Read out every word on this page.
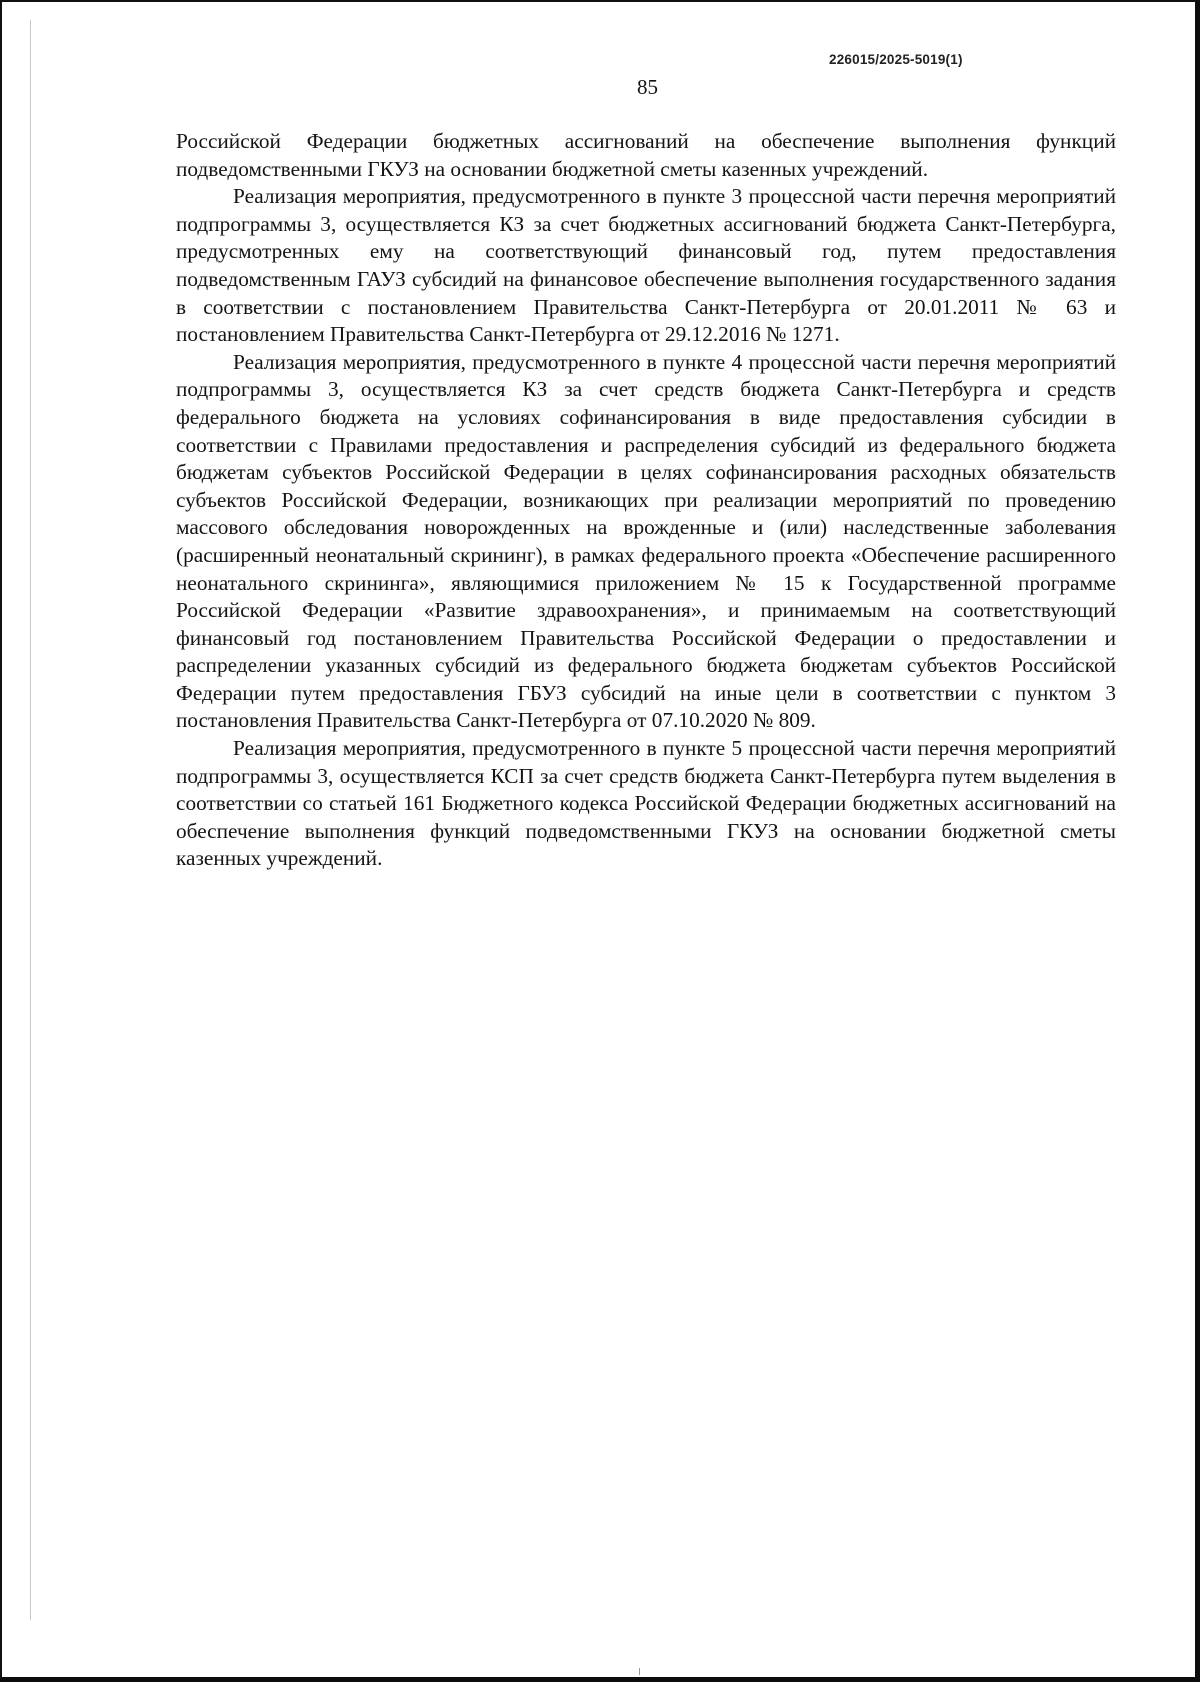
226015/2025-5019(1)
85

Российской Федерации бюджетных ассигнований на обеспечение выполнения функций подведомственными ГКУЗ на основании бюджетной сметы казенных учреждений.

Реализация мероприятия, предусмотренного в пункте 3 процессной части перечня мероприятий подпрограммы 3, осуществляется КЗ за счет бюджетных ассигнований бюджета Санкт-Петербурга, предусмотренных ему на соответствующий финансовый год, путем предоставления подведомственным ГАУЗ субсидий на финансовое обеспечение выполнения государственного задания в соответствии с постановлением Правительства Санкт-Петербурга от 20.01.2011 № 63 и постановлением Правительства Санкт-Петербурга от 29.12.2016 № 1271.

Реализация мероприятия, предусмотренного в пункте 4 процессной части перечня мероприятий подпрограммы 3, осуществляется КЗ за счет средств бюджета Санкт-Петербурга и средств федерального бюджета на условиях софинансирования в виде предоставления субсидии в соответствии с Правилами предоставления и распределения субсидий из федерального бюджета бюджетам субъектов Российской Федерации в целях софинансирования расходных обязательств субъектов Российской Федерации, возникающих при реализации мероприятий по проведению массового обследования новорожденных на врожденные и (или) наследственные заболевания (расширенный неонатальный скрининг), в рамках федерального проекта «Обеспечение расширенного неонатального скрининга», являющимися приложением № 15 к Государственной программе Российской Федерации «Развитие здравоохранения», и принимаемым на соответствующий финансовый год постановлением Правительства Российской Федерации о предоставлении и распределении указанных субсидий из федерального бюджета бюджетам субъектов Российской Федерации путем предоставления ГБУЗ субсидий на иные цели в соответствии с пунктом 3 постановления Правительства Санкт-Петербурга от 07.10.2020 № 809.

Реализация мероприятия, предусмотренного в пункте 5 процессной части перечня мероприятий подпрограммы 3, осуществляется КСП за счет средств бюджета Санкт-Петербурга путем выделения в соответствии со статьей 161 Бюджетного кодекса Российской Федерации бюджетных ассигнований на обеспечение выполнения функций подведомственными ГКУЗ на основании бюджетной сметы казенных учреждений.
